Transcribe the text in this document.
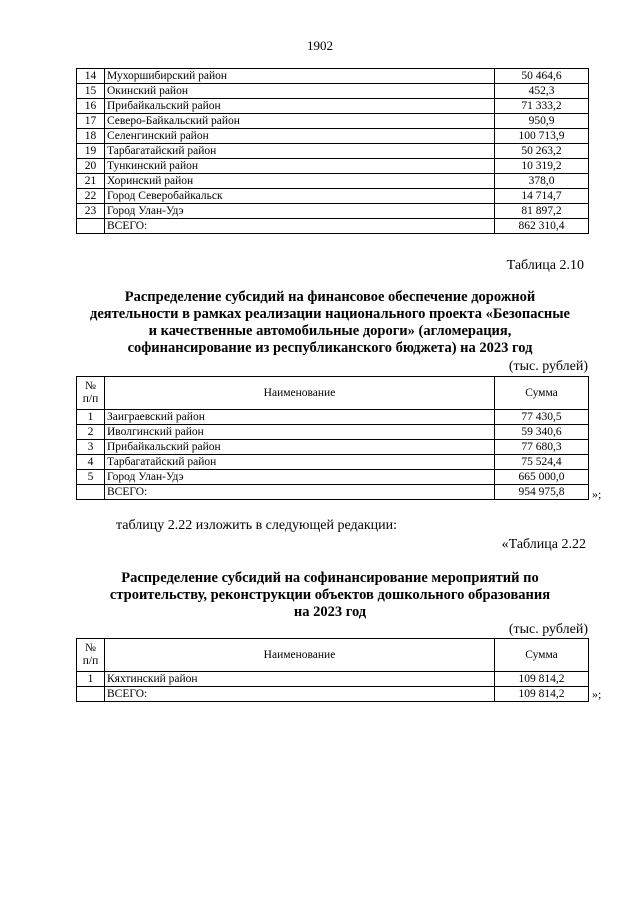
1902
14	Мухоршибирский район	50 464,6
15	Окинский район	452,3
16	Прибайкальский район	71 333,2
17	Северо-Байкальский район	950,9
18	Селенгинский район	100 713,9
19	Тарбагатайский район	50 263,2
20	Тункинский район	10 319,2
21	Хоринский район	378,0
22	Город Северобайкальск	14 714,7
23	Город Улан-Удэ	81 897,2
	ВСЕГО:	862 310,4
Таблица 2.10
Распределение субсидий на финансовое обеспечение дорожной
деятельности в рамках реализации национального проекта «Безопасные
и качественные автомобильные дороги» (агломерация,
софинансирование из республиканского бюджета) на 2023 год
(тыс. рублей)
№
п/п	Наименование	Сумма
1	Заиграевский район	77 430,5
2	Иволгинский район	59 340,6
3	Прибайкальский район	77 680,3
4	Тарбагатайский район	75 524,4
5	Город Улан-Удэ	665 000,0
	ВСЕГО:	954 975,8 »;
таблицу 2.22 изложить в следующей редакции:
«Таблица 2.22
Распределение субсидий на софинансирование мероприятий по
строительству, реконструкции объектов дошкольного образования
на 2023 год
(тыс. рублей)
№
п/п	Наименование	Сумма
1	Кяхтинский район	109 814,2
	ВСЕГО:	109 814,2 »;
